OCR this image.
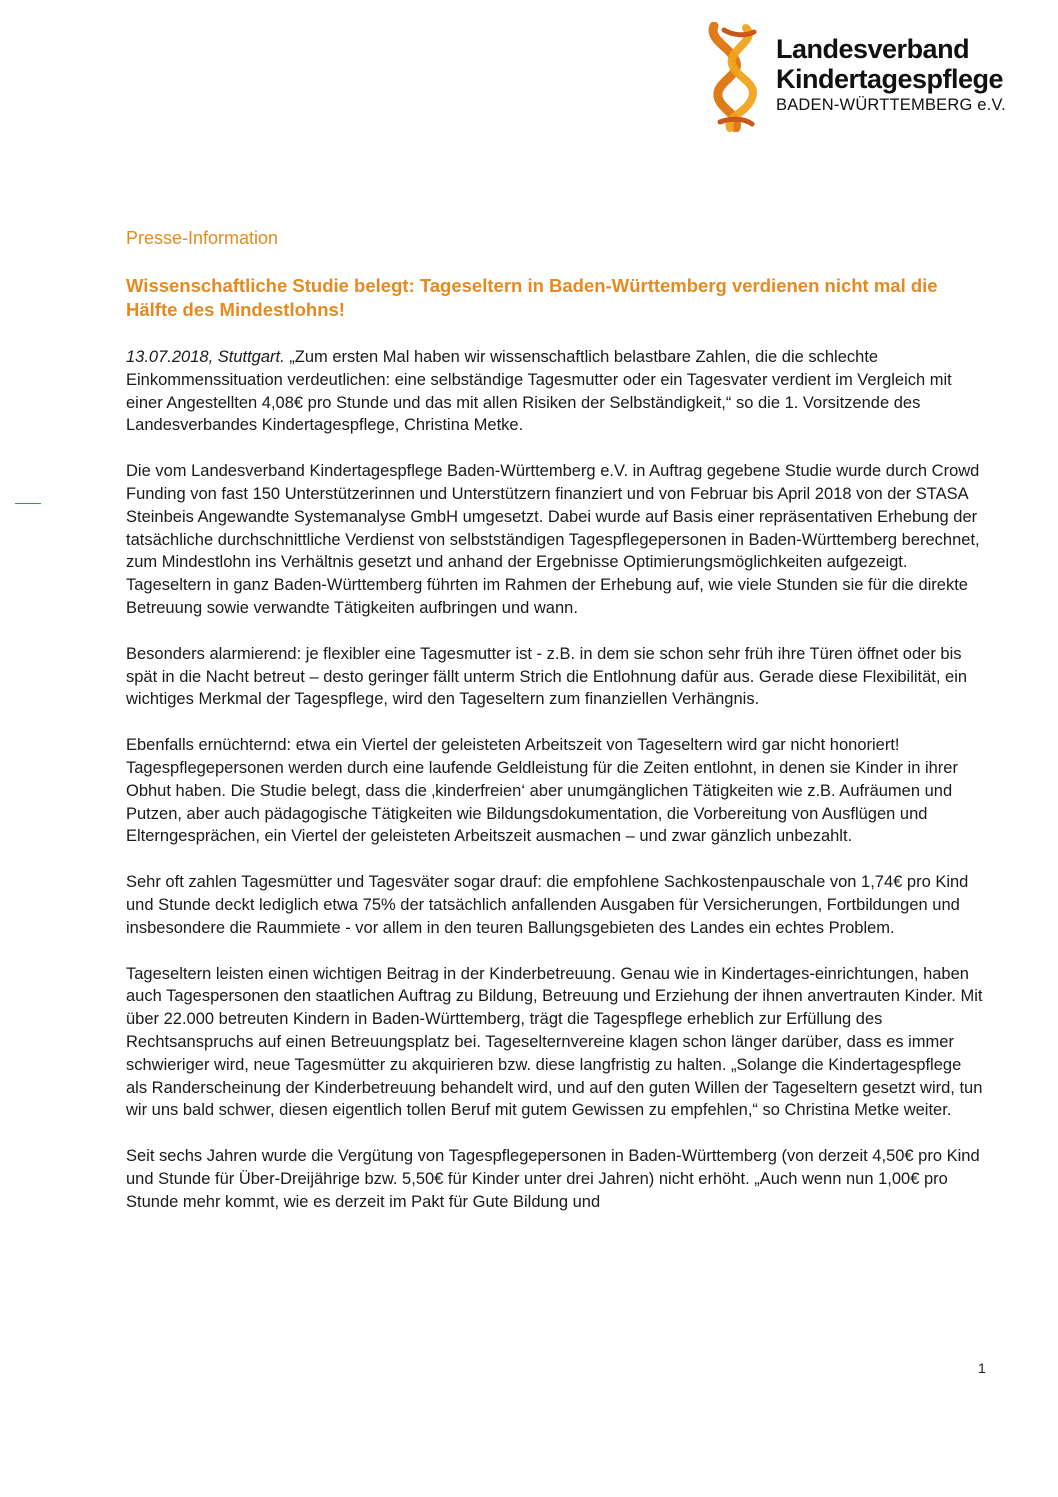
Landesverband
Kindertagespflege
BADEN-WÜRTTEMBERG e.V.
Presse-Information
Wissenschaftliche Studie belegt: Tageseltern in Baden-Württemberg verdienen nicht mal die Hälfte des Mindestlohns!

13.07.2018, Stuttgart. „Zum ersten Mal haben wir wissenschaftlich belastbare Zahlen, die die schlechte Einkommenssituation verdeutlichen: eine selbständige Tagesmutter oder ein Tagesvater verdient im Vergleich mit einer Angestellten 4,08€ pro Stunde und das mit allen Risiken der Selbständigkeit,“ so die 1. Vorsitzende des Landesverbandes Kindertagespflege, Christina Metke.

Die vom Landesverband Kindertagespflege Baden-Württemberg e.V. in Auftrag gegebene Studie wurde durch Crowd Funding von fast 150 Unterstützerinnen und Unterstützern finanziert und von Februar bis April 2018 von der STASA Steinbeis Angewandte Systemanalyse GmbH umgesetzt. Dabei wurde auf Basis einer repräsentativen Erhebung der tatsächliche durchschnittliche Verdienst von selbstständigen Tagespflegepersonen in Baden-Württemberg berechnet, zum Mindestlohn ins Verhältnis gesetzt und anhand der Ergebnisse Optimierungsmöglichkeiten aufgezeigt. Tageseltern in ganz Baden-Württemberg führten im Rahmen der Erhebung auf, wie viele Stunden sie für die direkte Betreuung sowie verwandte Tätigkeiten aufbringen und wann.

Besonders alarmierend: je flexibler eine Tagesmutter ist - z.B. in dem sie schon sehr früh ihre Türen öffnet oder bis spät in die Nacht betreut – desto geringer fällt unterm Strich die Entlohnung dafür aus. Gerade diese Flexibilität, ein wichtiges Merkmal der Tagespflege, wird den Tageseltern zum finanziellen Verhängnis.

Ebenfalls ernüchternd: etwa ein Viertel der geleisteten Arbeitszeit von Tageseltern wird gar nicht honoriert! Tagespflegepersonen werden durch eine laufende Geldleistung für die Zeiten entlohnt, in denen sie Kinder in ihrer Obhut haben. Die Studie belegt, dass die ‚kinderfreien‘ aber unumgänglichen Tätigkeiten wie z.B. Aufräumen und Putzen, aber auch pädagogische Tätigkeiten wie Bildungsdokumentation, die Vorbereitung von Ausflügen und Elterngesprächen, ein Viertel der geleisteten Arbeitszeit ausmachen – und zwar gänzlich unbezahlt.

Sehr oft zahlen Tagesmütter und Tagesväter sogar drauf: die empfohlene Sachkostenpauschale von 1,74€ pro Kind und Stunde deckt lediglich etwa 75% der tatsächlich anfallenden Ausgaben für Versicherungen, Fortbildungen und insbesondere die Raummiete - vor allem in den teuren Ballungsgebieten des Landes ein echtes Problem.

Tageseltern leisten einen wichtigen Beitrag in der Kinderbetreuung. Genau wie in Kindertages-einrichtungen, haben auch Tagespersonen den staatlichen Auftrag zu Bildung, Betreuung und Erziehung der ihnen anvertrauten Kinder. Mit über 22.000 betreuten Kindern in Baden-Württemberg, trägt die Tagespflege erheblich zur Erfüllung des Rechtsanspruchs auf einen Betreuungsplatz bei. Tageselternvereine klagen schon länger darüber, dass es immer schwieriger wird, neue Tagesmütter zu akquirieren bzw. diese langfristig zu halten. „Solange die Kindertagespflege als Randerscheinung der Kinderbetreuung behandelt wird, und auf den guten Willen der Tageseltern gesetzt wird, tun wir uns bald schwer, diesen eigentlich tollen Beruf mit gutem Gewissen zu empfehlen,“ so Christina Metke weiter.

Seit sechs Jahren wurde die Vergütung von Tagespflegepersonen in Baden-Württemberg (von derzeit 4,50€ pro Kind und Stunde für Über-Dreijährige bzw. 5,50€ für Kinder unter drei Jahren) nicht erhöht. „Auch wenn nun 1,00€ pro Stunde mehr kommt, wie es derzeit im Pakt für Gute Bildung und

1
